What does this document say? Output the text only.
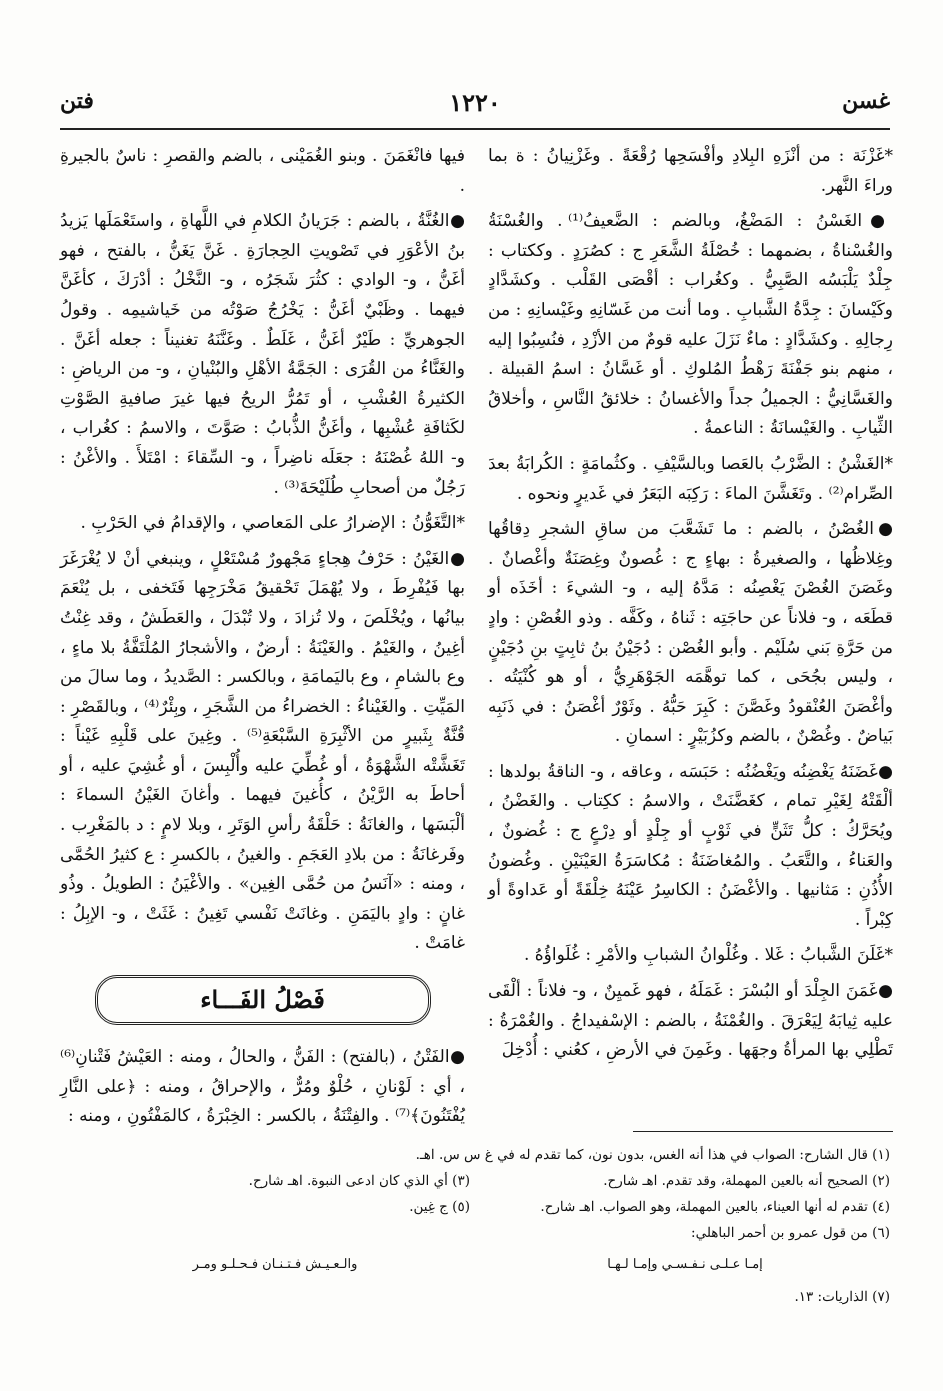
غسن
١٢٢٠
فتن

*غَزْنَة : من أنْزَهِ البِلادِ وأفْسَحِها رُقْعَةً . وغَزْنِيانُ : ة بما وراءَ النَّهر.

●الغَسْنُ : المَضْغُ، وبالضم : الضَّعيفُ⁽¹⁾ . والغُسْنَةُ والغُسْناةُ ، بضمهما : خُصْلَةُ الشَّعَرِ ج : كصُرَدٍ . وككتاب : جِلْدٌ يَلْبَسُه الصَّبِيُّ . وكغُراب : أقْصَى القَلْب . وكشَدَّادٍ وكَيْسانَ : جِدَّةُ الشَّبابِ . وما أنت من غَسّانِهِ وغَيْسانِهِ : من رِجالِهِ . وكشَدَّادٍ : ماءٌ نَزَلَ عليه قومٌ من الأزْدِ ، فنُسِبُوا إليه ، منهم بنو جَفْنَةَ رَهْطُ المُلوكِ . أو غَسَّانُ : اسمُ القبيلة . والغَسَّانِيُّ : الجميلُ جداً والأغسانُ : خلائقُ النَّاسِ ، وأخلاقُ الثِّيابِ . والغَيْسانَةُ : الناعمةُ .

*الغَشْنُ : الضَّرْبُ بالعَصا وبالسَّيْفِ . وكثُمامَةٍ : الكُرابَةُ بعدَ الصِّرام⁽²⁾ . وتَغَشَّنَ الماءَ : رَكِبَه البَعَرُ في غَديرٍ ونحوه .

●الغُصْنُ ، بالضم : ما تَشَعَّبَ من ساقِ الشجرِ دِقاقُها وغِلاظُها ، والصغيرةُ : بهاءٍ ج : غُصونٌ وغِصَنَةٌ وأغْصانٌ . وغَصَنَ الغُصْنَ يَغْصِنُه : مَدَّهُ إليه ، و- الشيءَ : أخَذَه أو قطَعَه ، و- فلاناً عن حاجَتِه : ثَناهُ ، وكَفَّه . وذو الغُصْنِ : وادٍ من حَرَّةِ بَني سُلَيْم . وأبو الغُصْن : دُجَيْنُ بنُ ثابِتٍ بنِ دُجَيْنٍ ، وليس بجُحَى ، كما توهَّمَه الجَوْهَرِيُّ ، أو هو كُنْيَتُه . وأغْصَنَ العُنْقودُ وغَصَّنَ : كَبِرَ حَبُّهُ . وثَوْرٌ أغْصَنُ : في ذَنَبِه بَياضٌ . وغُصْنٌ ، بالضم وكزُبَيْرٍ : اسمانِ .

●غَضَنَهُ يَغْضِنُه ويَغْضُنُه : حَبَسَه ، وعاقه ، و- الناقةُ بولدها : ألْقَتْهُ لِغَيْرِ تمام ، كغَضَّنَتْ ، والاسمُ : ككِتاب . والغَضْنُ ، ويُحَرَّكُ : كلُّ تَثَنٍّ في ثَوْبٍ أو جِلْدٍ أو دِرْعٍ ج : غُضونٌ ، والعَناءُ ، والتَّعَبُ . والمُغاضَنَةُ : مُكاسَرَةُ العَيْنَيْنِ . وغُضونُ الأُذُنِ : مَثانيها . والأغْضَنُ : الكاسِرُ عَيْنَهُ خِلْقَةً أو عَداوةً أو كِبْراً .

*غَلَنَ الشَّبابُ : غَلا . وغُلْوانُ الشبابِ والأمْرِ : غُلَواؤُهُ .

●غَمَنَ الجِلْدَ أو البُسْرَ : غَمَلَهُ ، فهو غَميِنٌ ، و- فلاناً : ألْقَى عليه ثِيابَهُ لِيَعْرَقَ . والغُمْنَةُ ، بالضم : الإسْفيداجُ . والغُمْرَةُ : تَطْلِي بها المرأةُ وجهَها . وغَمِنَ في الأرضِ ، كعُني : أُدْخِلَ

فيها فانْغَمَنَ . وبنو الغُمَيْنى ، بالضم والقصرِ : ناسٌ بالجيرةِ .

●الغُنَّةُ ، بالضم : جَرَيانُ الكلامِ في اللَّهاةِ ، واستَعْمَلَها يَزيدُ بنُ الأعْوَرِ في تَصْويتِ الحِجارَةِ . غَنَّ يَغَنُّ ، بالفتح ، فهو أغَنُّ ، و- الوادي : كثُرَ شَجَرُه ، و- النَّخْلُ : أدْرَكَ ، كأغَنَّ فيهما . وظَبْيٌ أغَنُّ : يَخْرُجُ صَوْتُه من خَياشيمِه . وقولُ الجوهريِّ : طَيْرٌ أغَنُّ ، غَلَطٌ . وغَنَّنَهُ تغنيناً : جعله أغَنَّ . والغَنَّاءُ من القُرَى : الجَمَّةُ الأهْلِ والبُنْيانِ ، و- من الرياضِ : الكثيرةُ العُشْبِ ، أو تَمُرُّ الريحُ فيها غيرَ صافيةِ الصَّوْتِ لكَثافَةِ عُشْبِها ، وأغَنُّ الذُّبابُ : صَوَّتَ ، والاسمُ : كغُراب ، و- اللهُ غُصْنَهُ : جعَلَه ناضِراً ، و- السِّقاءَ : امْتَلأَ . والأغْنُ : رَجُلٌ من أصحابِ طُلَيْحَةَ⁽³⁾ .

*التَّغَوُّنُ : الإضرارُ على المَعاصي ، والإقدامُ في الحَرْبِ .

●الغَيْنُ : حَرْفُ هِجاءٍ مَجْهورٌ مُسْتَعْلٍ ، وينبغي أنْ لا يُغْرَغَرَ بها فَيُفْرِطَ ، ولا يُهْمَلَ تَحْقيقُ مَخْرَجِها فَتَخفى ، بل يُنْعَمَ بيانُها ، ويُخْلَصَ ، ولا تُزادَ ، ولا تُبْدَلَ ، والعَطَشُ ، وقد غِنْتُ أغِينُ ، والغَيْمُ . والغَيْنَةُ : أرضٌ ، والأشجارُ المُلْتَفَّةُ بلا ماءٍ ، وع بالشامِ ، وع باليَمامَةِ ، وبالكسر : الصَّديدُ ، وما سالَ من المَيِّتِ . والغَيْناءُ : الخضراءُ من الشَّجَرِ ، وبِئْرٌ⁽⁴⁾ ، وبالقَصْرِ : قُنَّةٌ بِثَبيرٍ من الأثْبِرَةِ السَّبْعَةِ⁽⁵⁾ . وغِينَ على قَلْبِهِ غَيْناً : تَغَشَّتْه الشَّهْوَةُ ، أو غُطِّيَ عليه وأُلْبِسَ ، أو غُشِيَ عليه ، أو أحاطَ به الرَّيْنُ ، كأُغينَ فيهما . وأغانَ الغَيْنُ السماءَ : ألْبَسَها ، والغانَةُ : حَلْقَةُ رأسِ الوَتَرِ ، وبلا لامٍ : د بالمَغْرِب . وفَرغانَةُ : من بلادِ العَجَمِ . والغينُ ، بالكسرِ : ع كثيرُ الحُمَّى ، ومنه : «آنَسُ من حُمَّى الغِين» . والأغْيَنُ : الطويلُ . وذُو غانٍ : وادٍ باليَمَنِ . وغانَتْ نَفْسي تَغِينُ : غَثَتْ ، و- الإبِلُ : غامَتْ .

فَصْلُ الفَـــاء

●الفَتْنُ ، (بالفتح) : الفَنُّ ، والحالُ ، ومنه : العَيْشُ فَتْنانِ⁽⁶⁾ ، أي : لَوْنانِ ، حُلْوٌ ومُرٌّ ، والإحراقُ ، ومنه : ﴿على النَّارِ يُفْتَنُونَ﴾⁽⁷⁾ . والفِتْنَةُ ، بالكسر : الخِبْرَةُ ، كالمَفْتُونِ ، ومنه :

(١) قال الشارح: الصواب في هذا أنه الغس، بدون نون، كما تقدم له في غ س س. اهـ.
(٢) الصحيح أنه بالعين المهملة، وقد تقدم. اهـ شارح.
(٣) أي الذي كان ادعى النبوة. اهـ شارح.
(٤) تقدم له أنها العيناء، بالعين المهملة، وهو الصواب. اهـ شارح.
(٥) ج غِين.
(٦) من قول عمرو بن أحمر الباهلي:
إمـا عـلـى نـفـسـي وإمـا لـهـا
والـعـيـش فـتـنـان فـحـلـو ومـر
(٧) الذاريات: ١٣.
